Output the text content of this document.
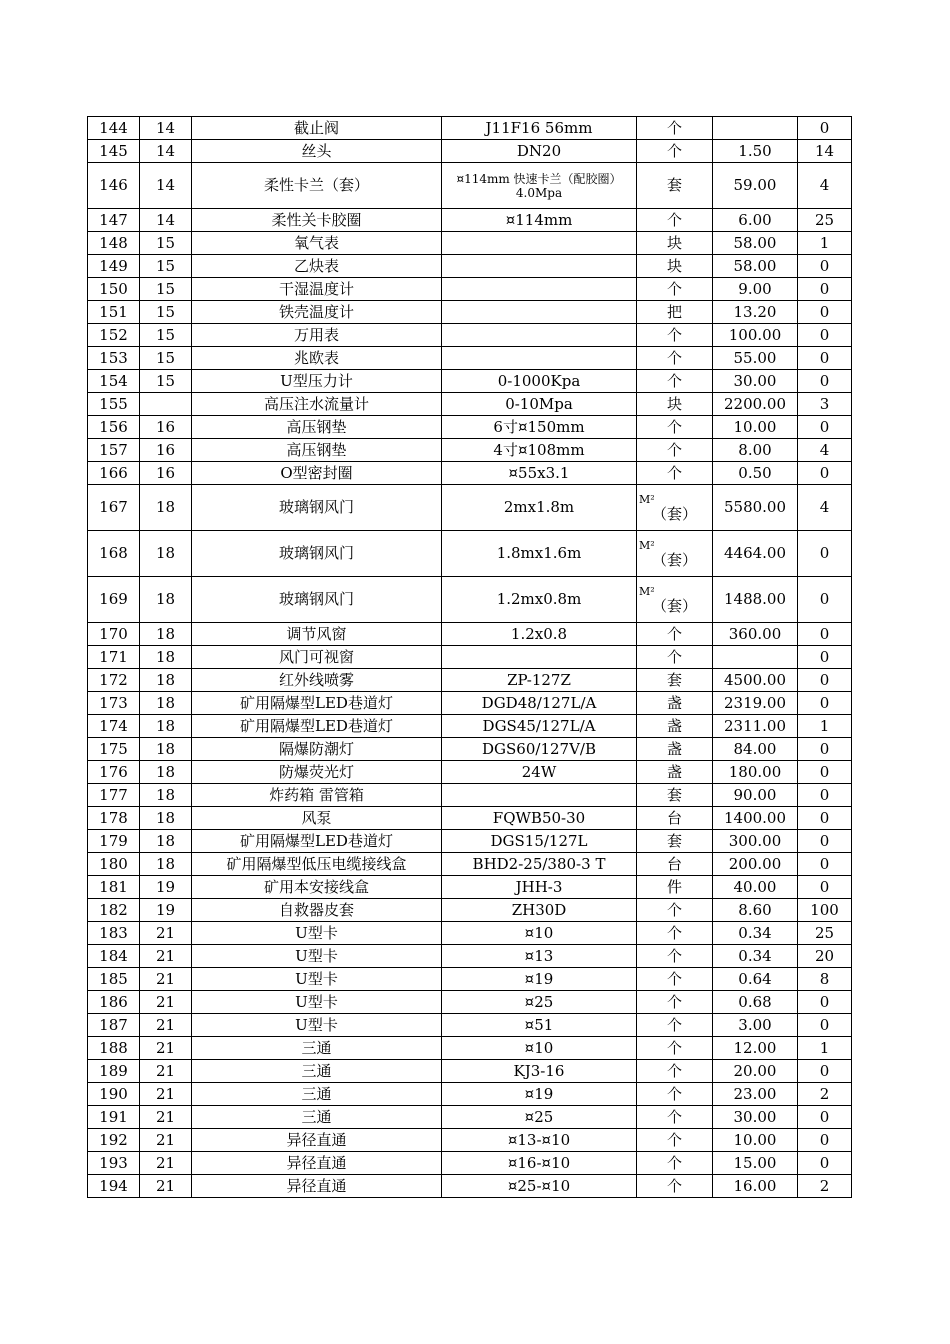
144	14	截止阀	J11F16 56mm	个		0
145	14	丝头	DN20	个	1.50	14
146	14	柔性卡兰（套）	¤114mm 快速卡兰（配胶圈）4.0Mpa	套	59.00	4
147	14	柔性关卡胶圈	¤114mm	个	6.00	25
148	15	氧气表		块	58.00	1
149	15	乙炔表		块	58.00	0
150	15	干湿温度计		个	9.00	0
151	15	铁壳温度计		把	13.20	0
152	15	万用表		个	100.00	0
153	15	兆欧表		个	55.00	0
154	15	U型压力计	0-1000Kpa	个	30.00	0
155		高压注水流量计	0-10Mpa	块	2200.00	3
156	16	高压钢垫	6寸¤150mm	个	10.00	0
157	16	高压钢垫	4寸¤108mm	个	8.00	4
166	16	O型密封圈	¤55x3.1	个	0.50	0
167	18	玻璃钢风门	2mx1.8m	M²
（套）	5580.00	4
168	18	玻璃钢风门	1.8mx1.6m	M²
（套）	4464.00	0
169	18	玻璃钢风门	1.2mx0.8m	M²
（套）	1488.00	0
170	18	调节风窗	1.2x0.8	个	360.00	0
171	18	风门可视窗		个		0
172	18	红外线喷雾	ZP-127Z	套	4500.00	0
173	18	矿用隔爆型LED巷道灯	DGD48/127L/A	盏	2319.00	0
174	18	矿用隔爆型LED巷道灯	DGS45/127L/A	盏	2311.00	1
175	18	隔爆防潮灯	DGS60/127V/B	盏	84.00	0
176	18	防爆荧光灯	24W	盏	180.00	0
177	18	炸药箱 雷管箱		套	90.00	0
178	18	风泵	FQWB50-30	台	1400.00	0
179	18	矿用隔爆型LED巷道灯	DGS15/127L	套	300.00	0
180	18	矿用隔爆型低压电缆接线盒	BHD2-25/380-3 T	台	200.00	0
181	19	矿用本安接线盒	JHH-3	件	40.00	0
182	19	自救器皮套	ZH30D	个	8.60	100
183	21	U型卡	¤10	个	0.34	25
184	21	U型卡	¤13	个	0.34	20
185	21	U型卡	¤19	个	0.64	8
186	21	U型卡	¤25	个	0.68	0
187	21	U型卡	¤51	个	3.00	0
188	21	三通	¤10	个	12.00	1
189	21	三通	KJ3-16	个	20.00	0
190	21	三通	¤19	个	23.00	2
191	21	三通	¤25	个	30.00	0
192	21	异径直通	¤13-¤10	个	10.00	0
193	21	异径直通	¤16-¤10	个	15.00	0
194	21	异径直通	¤25-¤10	个	16.00	2
